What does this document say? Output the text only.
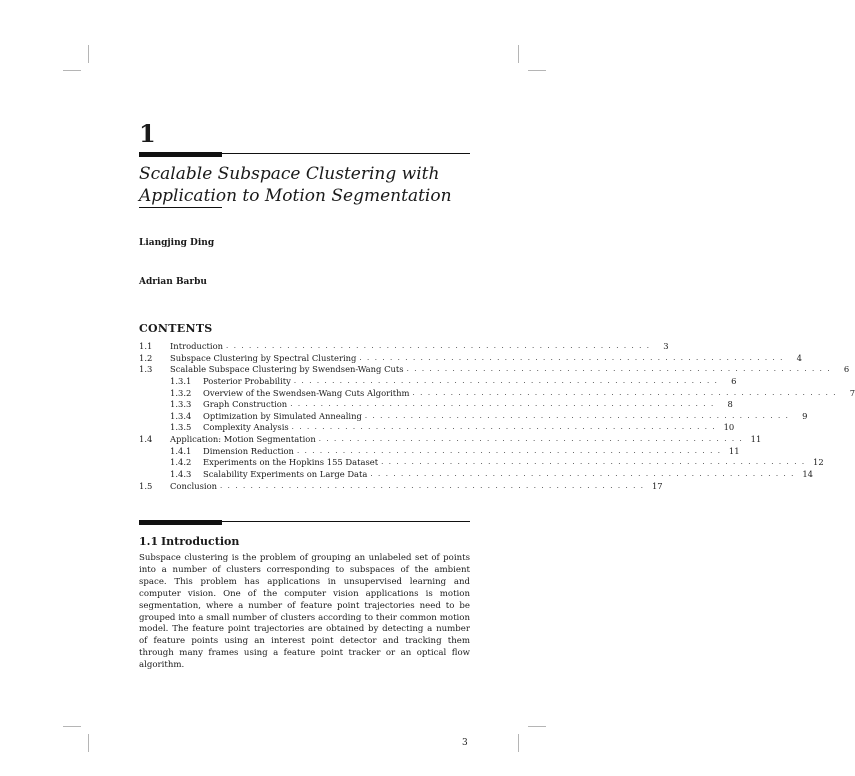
1
Scalable Subspace Clustering with
Application to Motion Segmentation
Liangjing Ding
Adrian Barbu
CONTENTS
1.1 Introduction . . . . . . . . . . . . . . . . . . . . . . . . . . . . . . . . . . . . . . . . . . . . . . . . . . . . . . . .	3
1.2 Subspace Clustering by Spectral Clustering . . . . . . . . . . . . . . . . . . . . . . . . . . . . . . . . . . . . . . . . . . . . . . . . . . . . . . . .	4
1.3 Scalable Subspace Clustering by Swendsen-Wang Cuts . . . . . . . . . . . . . . . . . . . . . . . . . . . . . . . . . . . . . . . . . . . . . . . . . . . . . . . .	6
1.3.1 Posterior Probability . . . . . . . . . . . . . . . . . . . . . . . . . . . . . . . . . . . . . . . . . . . . . . . . . . . . . . . .	6
1.3.2 Overview of the Swendsen-Wang Cuts Algorithm . . . . . . . . . . . . . . . . . . . . . . . . . . . . . . . . . . . . . . . . . . . . . . . . . . . . . . . .	7
1.3.3 Graph Construction . . . . . . . . . . . . . . . . . . . . . . . . . . . . . . . . . . . . . . . . . . . . . . . . . . . . . . . .	8
1.3.4 Optimization by Simulated Annealing . . . . . . . . . . . . . . . . . . . . . . . . . . . . . . . . . . . . . . . . . . . . . . . . . . . . . . . .	9
1.3.5 Complexity Analysis . . . . . . . . . . . . . . . . . . . . . . . . . . . . . . . . . . . . . . . . . . . . . . . . . . . . . . . . 10
1.4 Application: Motion Segmentation . . . . . . . . . . . . . . . . . . . . . . . . . . . . . . . . . . . . . . . . . . . . . . . . . . . . . . . . 11
1.4.1 Dimension Reduction . . . . . . . . . . . . . . . . . . . . . . . . . . . . . . . . . . . . . . . . . . . . . . . . . . . . . . . . 11
1.4.2 Experiments on the Hopkins 155 Dataset . . . . . . . . . . . . . . . . . . . . . . . . . . . . . . . . . . . . . . . . . . . . . . . . . . . . . . . . 12
1.4.3 Scalability Experiments on Large Data . . . . . . . . . . . . . . . . . . . . . . . . . . . . . . . . . . . . . . . . . . . . . . . . . . . . . . . . 14
1.5 Conclusion . . . . . . . . . . . . . . . . . . . . . . . . . . . . . . . . . . . . . . . . . . . . . . . . . . . . . . . . 17
1.1 Introduction
Subspace clustering is the problem of grouping an unlabeled set of points into a number of clusters corresponding to subspaces of the ambient space. This problem has applications in unsupervised learning and computer vision. One of the computer vision applications is motion segmentation, where a number of feature point trajectories need to be grouped into a small number of clusters according to their common motion model. The feature point trajectories are obtained by detecting a number of feature points using an interest point detector and tracking them through many frames using a feature point tracker or an optical flow algorithm.
3
